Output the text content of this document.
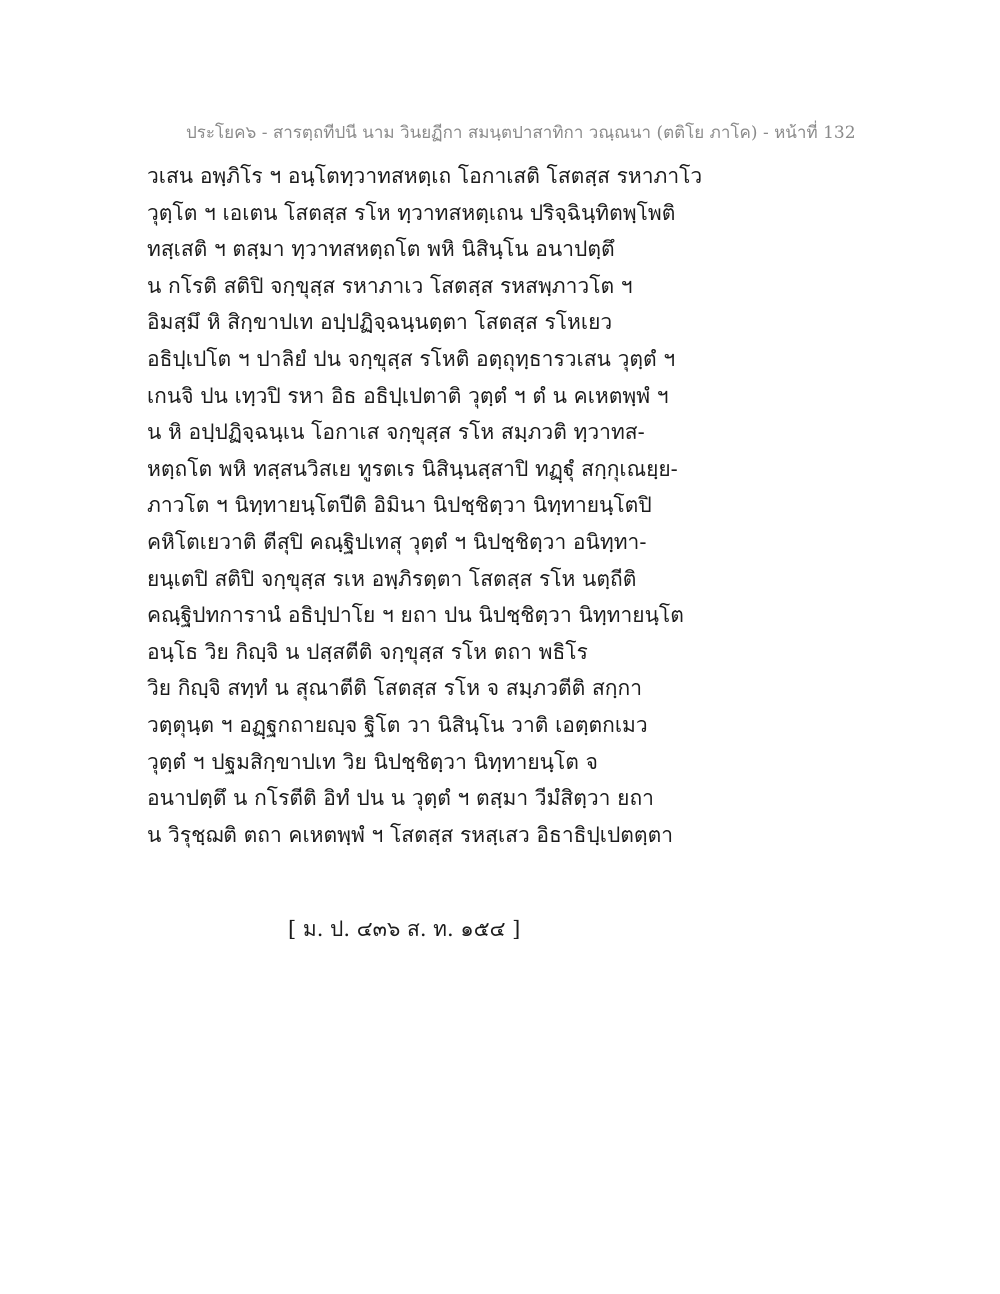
ประโยค๖ - สารตฺถทีปนี นาม วินยฏีกา สมนฺตปาสาทิกา วณฺณนา (ตติโย ภาโค) - หน้าที่ 132
วเสน อพฺภิโร ฯ อนฺโตทฺวาทสหตฺเถ โอกาเสติ โสตสฺส รหาภาโว
วุตฺโต ฯ เอเตน โสตสฺส รโห ทฺวาทสหตฺเถน ปริจฺฉินฺทิตพฺโพติ
ทสฺเสติ ฯ ตสฺมา ทฺวาทสหตฺถโต พหิ นิสินฺโน อนาปตฺตึ
น กโรติ สติปิ จกฺขุสฺส รหาภาเว โสตสฺส รหสพฺภาวโต ฯ
อิมสฺมึ หิ สิกฺขาปเท อปฺปฏิจฺฉนฺนตฺตา โสตสฺส รโหเยว
อธิปฺเปโต ฯ ปาลิยํ ปน จกฺขุสฺส รโหติ อตฺถุทฺธารวเสน วุตฺตํ ฯ
เกนจิ ปน เทฺวปิ รหา อิธ อธิปฺเปตาติ วุตฺตํ ฯ ตํ น คเหตพฺพํ ฯ
น หิ อปฺปฏิจฺฉนฺเน โอกาเส จกฺขุสฺส รโห สมฺภวติ ทฺวาทส-
หตฺถโต พหิ ทสฺสนวิสเย ทูรตเร นิสินฺนสฺสาปิ ทฏฺฐุํ สกฺกุเณยฺย-
ภาวโต ฯ นิทฺทายนฺโตปีติ อิมินา นิปชฺชิตฺวา นิทฺทายนฺโตปิ
คหิโตเยวาติ ตีสุปิ คณฺฐิปเทสุ วุตฺตํ ฯ นิปชฺชิตฺวา อนิทฺทา-
ยนฺเตปิ สติปิ จกฺขุสฺส รเห อพฺภิรตฺตา โสตสฺส รโห นตฺถีติ
คณฺฐิปทการานํ อธิปฺปาโย ฯ ยถา ปน นิปชฺชิตฺวา นิทฺทายนฺโต
อนฺโธ วิย กิญฺจิ น ปสฺสตีติ จกฺขุสฺส รโห ตถา พธิโร
วิย กิญฺจิ สทฺทํ น สุณาตีติ โสตสฺส รโห จ สมฺภวตีติ สกฺกา
วตฺตุนฺต ฯ อฏฺฐกถายญฺจ ฐิโต วา นิสินฺโน วาติ เอตฺตกเมว
วุตฺตํ ฯ ปฐมสิกฺขาปเท วิย นิปชฺชิตฺวา นิทฺทายนฺโต จ
อนาปตฺตึ น กโรตีติ อิทํ ปน น วุตฺตํ ฯ ตสฺมา วีมํสิตฺวา ยถา
น วิรุชฺฌติ ตถา คเหตพฺพํ ฯ โสตสฺส รหสฺเสว อิธาธิปฺเปตตฺตา
[ ม. ป. ๔๓๖ ส. ท. ๑๕๔ ]
